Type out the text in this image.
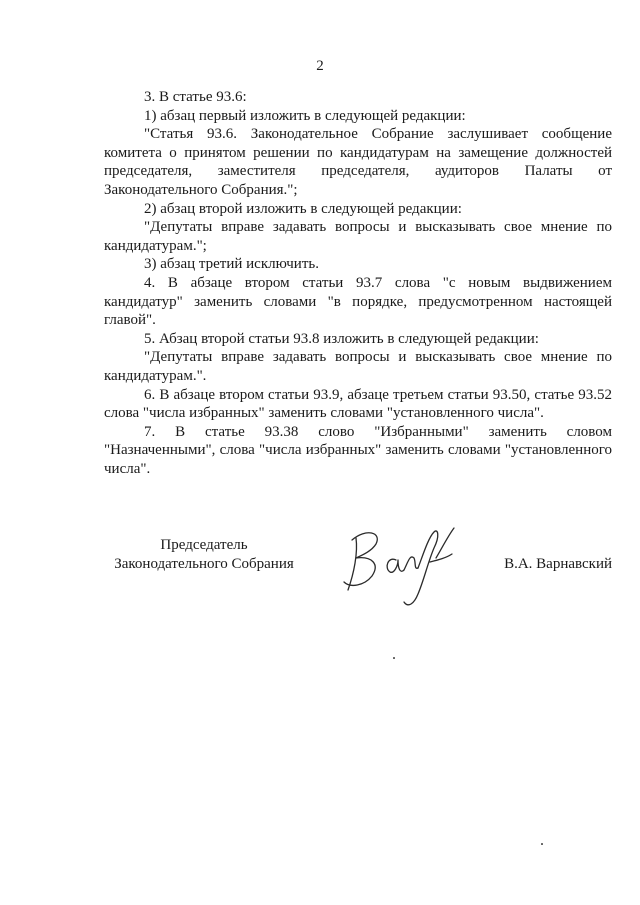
2

3. В статье 93.6:

1) абзац первый изложить в следующей редакции:

"Статья 93.6. Законодательное Собрание заслушивает сообщение комитета о принятом решении по кандидатурам на замещение должностей председателя, заместителя председателя, аудиторов Палаты от Законодательного Собрания.";

2) абзац второй изложить в следующей редакции:

"Депутаты вправе задавать вопросы и высказывать свое мнение по кандидатурам.";

3) абзац третий исключить.

4. В абзаце втором статьи 93.7 слова "с новым выдвижением кандидатур" заменить словами "в порядке, предусмотренном настоящей главой".

5. Абзац второй статьи 93.8 изложить в следующей редакции:

"Депутаты вправе задавать вопросы и высказывать свое мнение по кандидатурам.".

6. В абзаце втором статьи 93.9, абзаце третьем статьи 93.50, статье 93.52 слова "числа избранных" заменить словами "установленного числа".

7. В статье 93.38 слово "Избранными" заменить словом "Назначенными", слова "числа избранных" заменить словами "установленного числа".

Председатель
Законодательного Собрания	В.А. Варнавский
